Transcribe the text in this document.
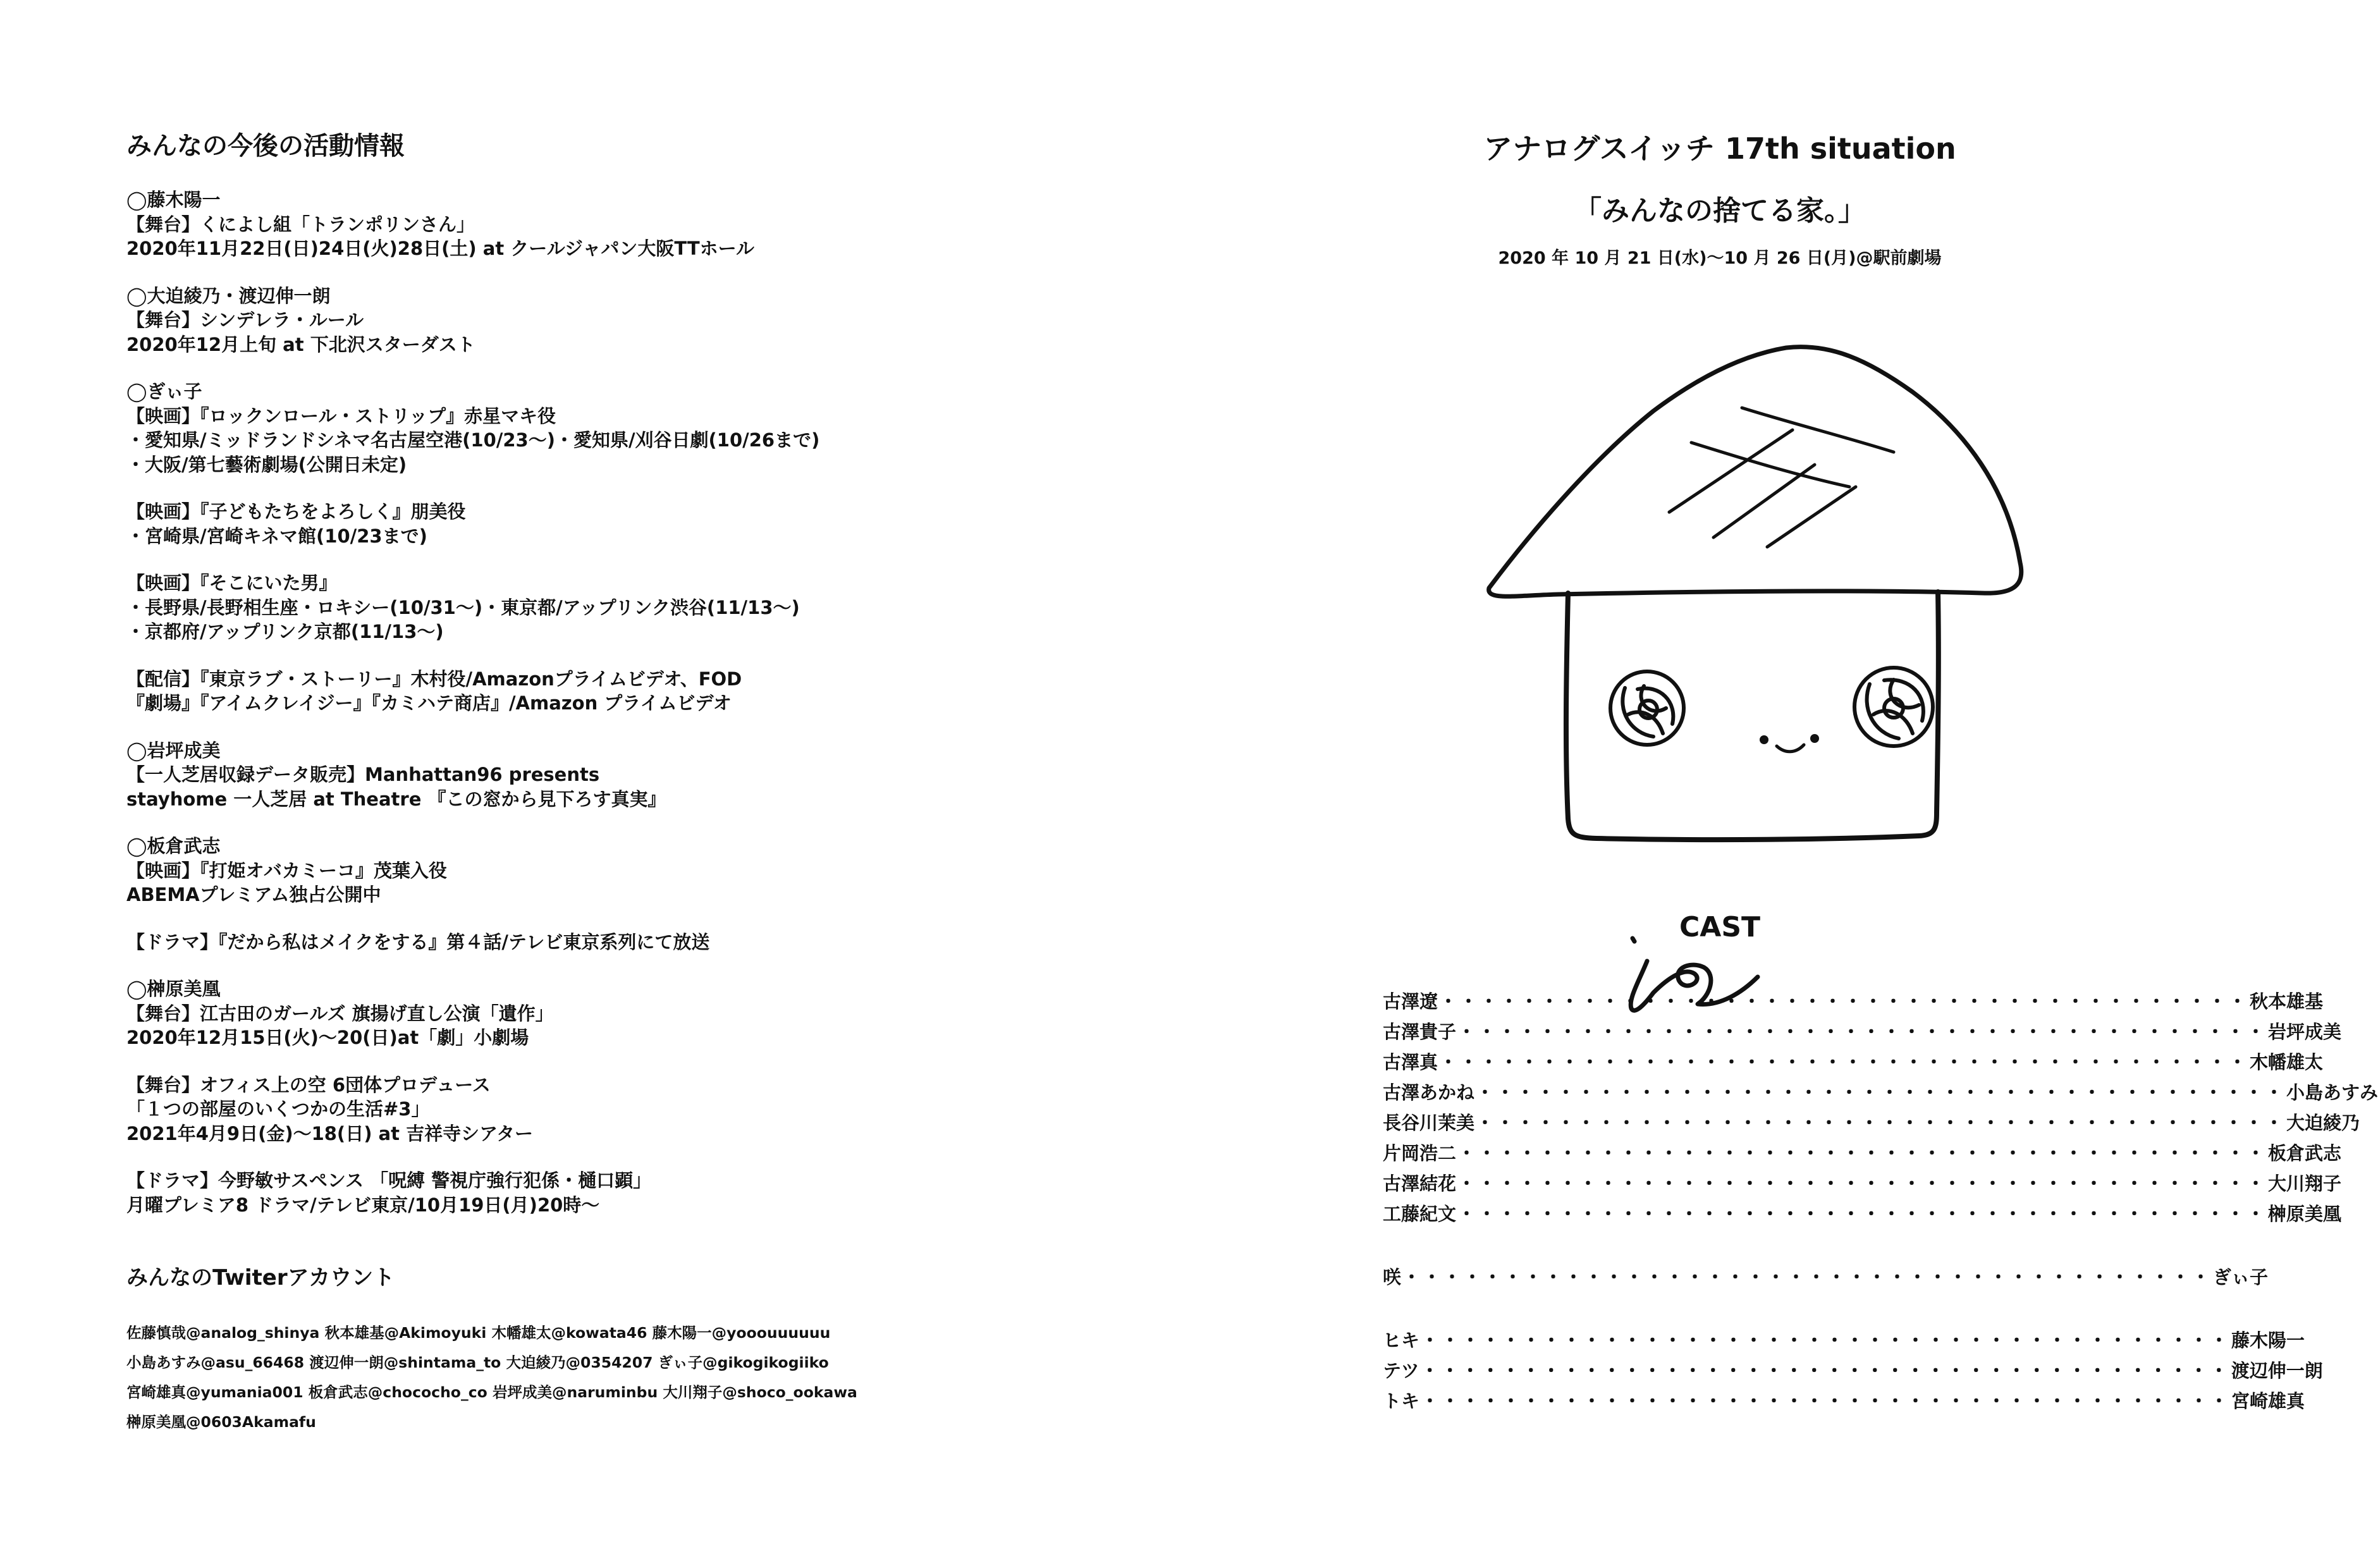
みんなの今後の活動情報
◯藤木陽一
【舞台】くによし組「トランポリンさん」
2020年11月22日(日)24日(火)28日(土) at クールジャパン大阪TTホール
◯大迫綾乃・渡辺伸一朗
【舞台】シンデレラ・ルール
2020年12月上旬 at 下北沢スターダスト
◯ぎぃ子
【映画】『ロックンロール・ストリップ』赤星マキ役
・愛知県/ミッドランドシネマ名古屋空港(10/23〜)・愛知県/刈谷日劇(10/26まで)
・大阪/第七藝術劇場(公開日未定)
【映画】『子どもたちをよろしく』朋美役
・宮崎県/宮崎キネマ館(10/23まで)
【映画】『そこにいた男』
・長野県/長野相生座・ロキシー(10/31〜)・東京都/アップリンク渋谷(11/13〜)
・京都府/アップリンク京都(11/13〜)
【配信】『東京ラブ・ストーリー』木村役/Amazonプライムビデオ、FOD
『劇場』『アイムクレイジー』『カミハテ商店』/Amazon プライムビデオ
◯岩坪成美
【一人芝居収録データ販売】Manhattan96 presents
stayhome 一人芝居 at Theatre 『この窓から見下ろす真実』
◯板倉武志
【映画】『打姫オバカミーコ』茂葉入役
ABEMAプレミアム独占公開中
【ドラマ】『だから私はメイクをする』第４話/テレビ東京系列にて放送
◯榊原美凰
【舞台】江古田のガールズ 旗揚げ直し公演「遺作」
2020年12月15日(火)〜20(日)at「劇」小劇場
【舞台】オフィス上の空 6団体プロデュース
「１つの部屋のいくつかの生活#3」
2021年4月9日(金)〜18(日) at 吉祥寺シアター
【ドラマ】今野敏サスペンス 「呪縛 警視庁強行犯係・樋口顕」
月曜プレミア8 ドラマ/テレビ東京/10月19日(月)20時〜
みんなのTwiterアカウント
佐藤慎哉@analog_shinya 秋本雄基@Akimoyuki 木幡雄太@kowata46 藤木陽一@yooouuuuuu
小島あすみ@asu_66468 渡辺伸一朗@shintama_to 大迫綾乃@0354207 ぎぃ子@gikogikogiiko
宮崎雄真@yumania001 板倉武志@chococho_co 岩坪成美@naruminbu 大川翔子@shoco_ookawa
榊原美凰@0603Akamafu
アナログスイッチ 17th situation
「みんなの捨てる家。」
2020 年 10 月 21 日(水)〜10 月 26 日(月)@駅前劇場
CAST
古澤遼 ・・・・・・・・・・・・・・・・・・・・・・・・・・・・・・・・・・・・・・・・ 秋本雄基
古澤貴子 ・・・・・・・・・・・・・・・・・・・・・・・・・・・・・・・・・・・・・・・・ 岩坪成美
古澤真 ・・・・・・・・・・・・・・・・・・・・・・・・・・・・・・・・・・・・・・・・ 木幡雄太
古澤あかね ・・・・・・・・・・・・・・・・・・・・・・・・・・・・・・・・・・・・・・・・ 小島あすみ
長谷川茉美 ・・・・・・・・・・・・・・・・・・・・・・・・・・・・・・・・・・・・・・・・ 大迫綾乃
片岡浩二 ・・・・・・・・・・・・・・・・・・・・・・・・・・・・・・・・・・・・・・・・ 板倉武志
古澤結花 ・・・・・・・・・・・・・・・・・・・・・・・・・・・・・・・・・・・・・・・・ 大川翔子
工藤紀文 ・・・・・・・・・・・・・・・・・・・・・・・・・・・・・・・・・・・・・・・・ 榊原美凰
咲 ・・・・・・・・・・・・・・・・・・・・・・・・・・・・・・・・・・・・・・・・ ぎぃ子
ヒキ ・・・・・・・・・・・・・・・・・・・・・・・・・・・・・・・・・・・・・・・・ 藤木陽一
テツ ・・・・・・・・・・・・・・・・・・・・・・・・・・・・・・・・・・・・・・・・ 渡辺伸一朗
トキ ・・・・・・・・・・・・・・・・・・・・・・・・・・・・・・・・・・・・・・・・ 宮崎雄真
